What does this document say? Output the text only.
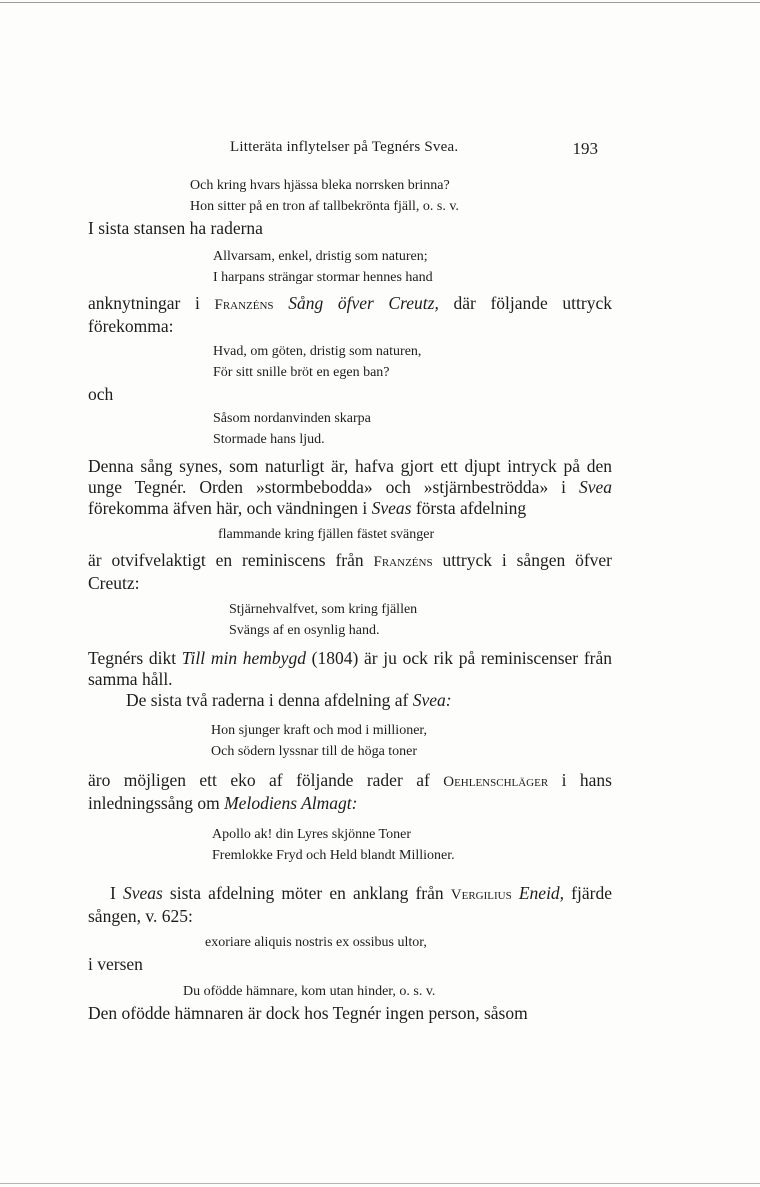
Litteräta inflytelser på Tegnérs Svea.	193

Och kring hvars hjässa bleka norrsken brinna?

Hon sitter på en tron af tallbekrönta fjäll, o. s. v.

I sista stansen ha raderna

Allvarsam, enkel, dristig som naturen;

I harpans strängar stormar hennes hand

anknytningar i Franzéns Sång öfver Creutz, där följande uttryck förekomma:

Hvad, om göten, dristig som naturen,

För sitt snille bröt en egen ban?

och

Såsom nordanvinden skarpa

Stormade hans ljud.

Denna sång synes, som naturligt är, hafva gjort ett djupt intryck på den unge Tegnér. Orden »stormbebodda» och »stjärnbeströdda» i Svea förekomma äfven här, och vändningen i Sveas första afdelning

flammande kring fjällen fästet svänger

är otvifvelaktigt en reminiscens från Franzéns uttryck i sången öfver Creutz:

Stjärnehvalfvet, som kring fjällen

Svängs af en osynlig hand.

Tegnérs dikt Till min hembygd (1804) är ju ock rik på reminiscenser från samma håll.

De sista två raderna i denna afdelning af Svea:

Hon sjunger kraft och mod i millioner,

Och södern lyssnar till de höga toner

äro möjligen ett eko af följande rader af Oehlenschläger i hans inledningssång om Melodiens Almagt:

Apollo ak! din Lyres skjönne Toner

Fremlokke Fryd och Held blandt Millioner.

I Sveas sista afdelning möter en anklang från Vergilius Eneid, fjärde sången, v. 625:

exoriare aliquis nostris ex ossibus ultor,

i versen

Du ofödde hämnare, kom utan hinder, o. s. v.

Den ofödde hämnaren är dock hos Tegnér ingen person, såsom
